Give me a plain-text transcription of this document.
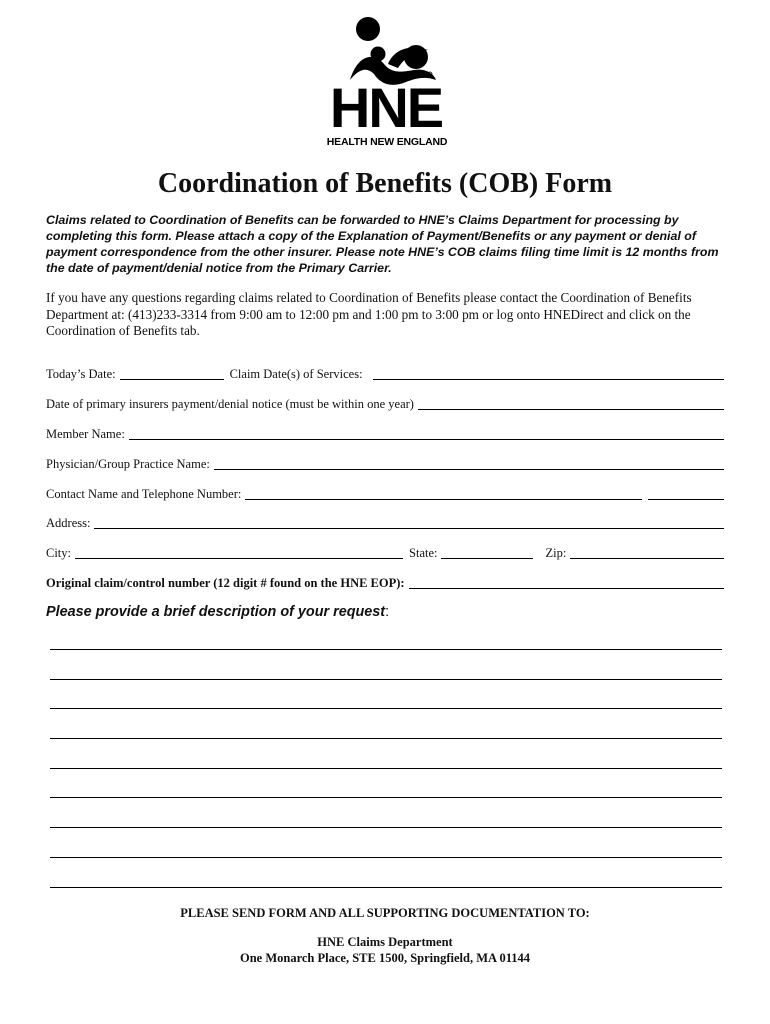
HNE
HEALTH NEW ENGLAND
Coordination of Benefits (COB) Form
Claims related to Coordination of Benefits can be forwarded to HNE’s Claims Department for processing by completing this form. Please attach a copy of the Explanation of Payment/Benefits or any payment or denial of payment correspondence from the other insurer. Please note HNE’s COB claims filing time limit is 12 months from the date of payment/denial notice from the Primary Carrier.
If you have any questions regarding claims related to Coordination of Benefits please contact the Coordination of Benefits Department at: (413)233-3314 from 9:00 am to 12:00 pm and 1:00 pm to 3:00 pm or log onto HNEDirect and click on the Coordination of Benefits tab.
Today’s Date:	Claim Date(s) of Services:
Date of primary insurers payment/denial notice (must be within one year)
Member Name:
Physician/Group Practice Name:
Contact Name and Telephone Number:
Address:
City:	State:	Zip:
Original claim/control number (12 digit # found on the HNE EOP):
Please provide a brief description of your request:
PLEASE SEND FORM AND ALL SUPPORTING DOCUMENTATION TO:
HNE Claims Department
One Monarch Place, STE 1500, Springfield, MA 01144
